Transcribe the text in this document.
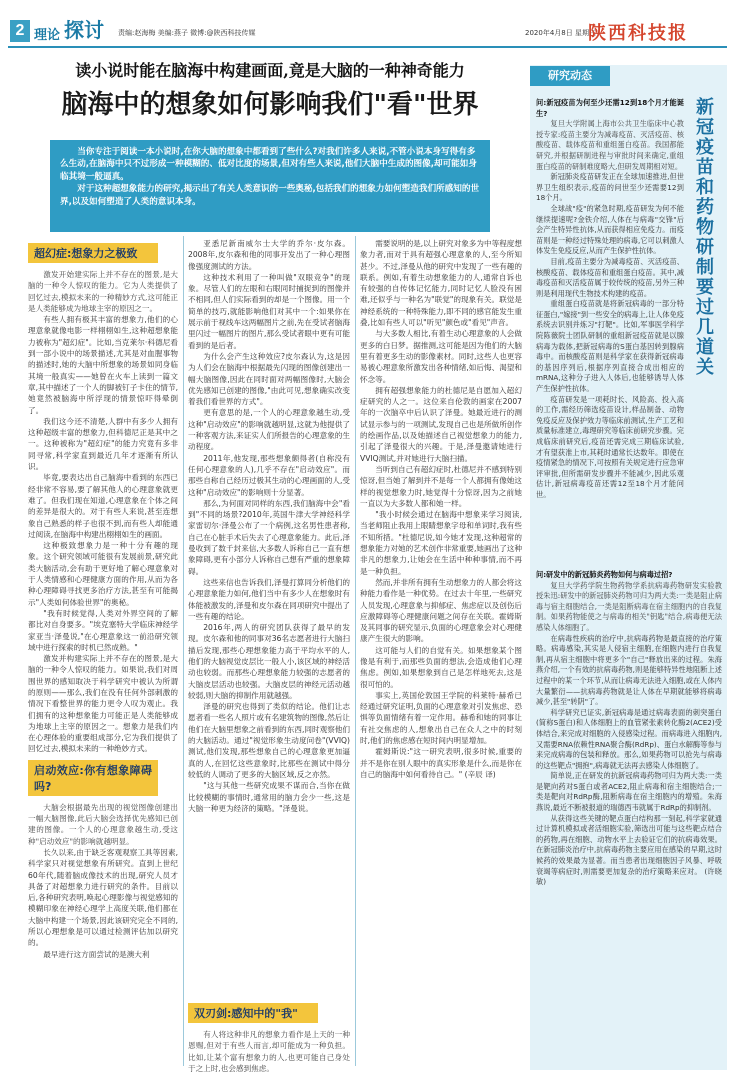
2 理论 探讨 责编:赵海梅 美编:燕子 微博:@陕西科技传媒	2020年4月8日 星期三
陕西科技报
读小说时能在脑海中构建画面,竟是大脑的一种神奇能力
脑海中的想象如何影响我们"看"世界

当你专注于阅读一本小说时,在你大脑的想象中都看到了些什么?对我们许多人来说,不管小说本身写得有多么生动,在脑海中只不过形成一种模糊的、低对比度的场景,但对有些人来说,他们大脑中生成的图像,却可能如身临其境一般逼真。

对于这种超想象能力的研究,揭示出了有关人类意识的一些奥秘,包括我们的想象力如何塑造我们所感知的世界,以及如何塑造了人类的意识本身。

超幻症:想象力之极致

激发开始建实际上并不存在的图景,是大脑的一种令人惊叹的能力。它为人类提供了回忆过去,模拟未来的一种精妙方式,这可能正是人类能够成为地球主宰的原因之一。

有些人拥有极其丰富的想象力,他们的心理意象就像电影一样栩栩如生,这种超想象能力被称为"超幻症"。比如,当克莱尔·科德尼看到一部小说中的场景描述,尤其是对血腥事物的描述时,她的大脑中所想象的场景如同身临其境一般真实——她曾在火车上读到一篇文章,其中描述了一个人的脚被钉子卡住的情节,她竟然被脑海中所浮现的情景惊吓得晕倒了。

我们这今还不清楚,人群中有多少人拥有这种超级丰富的想象力,但科德尼正是其中之一。这种被称为"超幻症"的能力究竟有多非同寻常,科学家直到最近几年才逐渐有所认识。

毕竟,要表达出自己脑海中看到的东西已经非常不容易,要了解其他人的心理意象就更难了。但我们现在知道,心理意象在个体之间的差异是很大的。对于有些人来说,甚至连想象自己熟悉的样子也很不到,而有些人却能通过阅读,在脑海中构建出栩栩如生的画面。

这种极致想象力是一种十分有趣的现象。这个研究领域可能很有发展前景,研究此类大脑活动,会有助于更好地了解心理意象对于人类情感和心理健康方面的作用,从而为各种心理障碍寻找更多治疗方法,甚至有可能揭示"人类如何体验世界"的奥秘。

"我有时候觉得,人类对外界空间的了解都比对自身要多。"埃克塞特大学临床神经学家亚当·泽曼说,"在心理意象这一前沿研究领域中进行探索的时机已然成熟。"

激发并构建实际上并不存在的图景,是大脑的一种令人惊叹的能力。如果说,我们对周围世界的感知取决于科学研究中被认为所谓的原则——那么,我们在没有任何外部刺激的情况下看整世界的能力更令人叹为观止。我们拥有的这种想象能力可能正是人类能够成为地球上主宰的原因之一。想象力是我们内在心理体验的重要组成部分,它为我们提供了回忆过去,模拟未来的一种绝妙方式。

启动效应:你有想象障碍吗?

大脑会根据最先出现的视觉图像创建出一幅大脑图像,此后大脑会选择优先感知已创建的图像。一个人的心理意象越生动,受这种"启动效应"的影响就越明显。

长久以来,由于缺乏客观观察工具等因素,科学家只对视觉想象有所研究。直到上世纪60年代,随着脑成像技术的出现,研究人员才具备了对超想象力进行研究的条件。目前以后,各种研究表明,唤起心理影像与视觉感知的模糊印象在神经心理学上高度关联,他们都在大脑中构建一个场景,因此该研究完全不同的,所以心理想象是可以通过检测评估加以研究的。

最早进行这方面尝试的是澳大利

亚悉尼新南威尔士大学的乔尔·皮尔森。2008年,皮尔森和他的同事开发出了一种心理图像强度测试的方法。

这种技术利用了一种叫做"双眼竞争"的现象。尽管人们的左眼和右眼同时捕捉到的图像并不相同,但人们实际看到的却是一个图像。用一个简单的技巧,就能影响他们对其中一个:如果你在展示前于视线车这两幅图片之前,先在受试者脑海里闪过一幅图片的图片,那么受试者眼中更有可能看到的是后者。

为什么会产生这种效应?皮尔森认为,这是因为人们会在脑海中根据最先闪现的图像创建出一幅大脑图像,因此在同时面对两幅图像时,大脑会优先感知已创建的图像,"由此可见,想象确实改变着我们看世界的方式"。

更有意思的是,一个人的心理意象越生动,受这种"启动效应"的影响就越明显,这就为他提供了一种客观方法,来证实人们所报告的心理意象的生动程度。

2011年,他发现,那些想象颇得者(自称没有任何心理意象的人),几乎不存在"启动效应"。而那些自称自己经历过极其生动的心理画面的人,受这种"启动效应"的影响则十分显著。

那么,为何面对同样的东西,我们脑海中会"看到"不同的场景?2010年,英国牛津大学神经科学家雷切尔·泽曼公布了一个病例,这名男性患者称,自己在心脏手术后失去了心理意象能力。此后,泽曼收到了数千封来信,大多数人诉称自己一直有想象障碍,更有小部分人诉称自己想有严重的想象障碍。

这些来信也告诉我们,泽曼打算同分析他们的心理意象能力如何,他们当中有多少人在想象时有体能被激发的,泽曼和皮尔森在同项研究中提出了一些有趣的结论。

2016年,两人的研究团队获得了最早的发现。皮尔森和他的同事对36名志愿者进行大脑扫描后发现,那些心理想象能力高于平均水平的人,他们的大脑视觉皮层比一般人小,该区域的神经活动也较弱。而那些心理想象能力较强的志愿者的大脑皮层活动也较强。大脑皮层的神经元活动越较弱,则大脑的抑制作用就越强。

泽曼的研究也得到了类似的结论。他们让志愿者看一些名人照片或有名建筑物的图像,然后让他们在大脑里想象之前看到的东西,同时观察他们的大脑活动。通过"视觉形象生动度问卷"(VVIQ)测试,他们发现,那些想象自己的心理意象更加逼真的人,在回忆这些意象时,比那些在测试中得分较低的人调动了更多的大脑区域,反之亦然。

"这与其他一些研究成果不谋而合,当你在做比较模糊的事情时,通常用的脑力会少一些,这是大脑一种更为经济的策略。"泽曼说。

双刃剑:感知中的"我"

有人将这种非凡的想象力看作是上天的一种恩赐,但对于有些人而言,却可能成为一种负担。比如,让某个富有想象力的人,也更可能自己身处于之上时,也会感到焦虑。

需要说明的是,以上研究对象多为中等程度想象力者,而对于具有超强心理意象的人,至今所知甚少。不过,泽曼从他的研究中发现了一些有趣的联系。例如,有着生动想象能力的人,通常自诉也有较强的自传体记忆能力,同时记忆人脸没有困难,还似乎与一种名为"联觉"的现象有关。联觉是神经系统的一种特殊能力,即不同的感官能发生重叠,比如有些人可以"听见"颜色或"看见"声音。

与大多数人相比,有着生动心理意象的人会做更多的白日梦。据推测,这可能是因为他们的大脑里有着更多生动的影像素材。同时,这些人也更容易被心理意象所激发出各种情绪,如后悔、渴望和怀念等。

拥有超强想象能力的杜德尼是自愿加入超幻症研究的人之一。这位来自伦敦的画家在2007年的一次脑卒中后认识了泽曼。她最近进行的测试显示参与的一项测试,发现自己也是所做所创作的绘画作品,以及她描述自己视觉想象力的能力,引起了泽曼很大的兴趣。于是,泽曼邀请她进行VVIQ测试,并对她进行大脑扫描。

当听到自己有超幻症时,杜德尼并不感到特别惊讶,但当她了解到并不是每一个人都拥有像她这样的视觉想象力时,她觉得十分惊讶,因为之前她一直以为大多数人都和她一样。

"我小时候会通过在脑海中想象来学习阅读,当老师阻止我用上眼睛想象字母和单词时,我有些不知所措。"杜德尼说,如今她才发现,这种超常的想象能力对她的艺术创作非常重要,她画出了这种非凡的想象力,让她会在生活中种种事情,而不再是一种负担。

然而,并非所有拥有生动想象力的人都会将这种能力看作是一种优势。在过去十年里,一些研究人员发现,心理意象与抑郁症、焦虑症以及创伤后应激障碍等心理健康问题之间存在关联。霍姆斯及其同事的研究显示,负面的心理意象会对心理健康产生很大的影响。

这可能与人们的自觉有关。如果想象某个图像是有利于,而那些负面的想法,会造成他们心理焦虑。例如,如果想象到自己是怎样地死去,这是很可怕的。

事实上,英国伦敦国王学院的科莱特·赫希已经通过研究证明,负面的心理意象对引发焦虑、恐惧等负面情绪有着一定作用。赫希和她的同事让有社交焦虑的人,想象出自己在众人之中的时刻时,他们的焦虑感在短时间内明显增加。

霍姆斯说:"这一研究表明,很多时候,重要的并不是你在别人眼中的真实形象是什么,而是你在自己的脑海中如何看待自己。" (辛辰 译)

研究动态
新冠疫苗和药物研制要过几道关

问:新冠疫苗为何至少还需12到18个月才能诞生?

复旦大学附属上海市公共卫生临床中心教授专家:疫苗主要分为减毒疫苗、灭活疫苗、核酸疫苗、载体疫苗和重组蛋白疫苗。我国都能研究,并根据研制进程与审批时间来确定,重组蛋白疫苗的研制难度略大,但研发周期相对短。

新冠肺炎疫苗研发正在全球加速推进,但世界卫生组织表示,疫苗的问世至少还需要12到18个月。

全球战"疫"的紧急时期,疫苗研发为何不能继续提速呢?金铁介绍,人体在与病毒"交锋"后会产生特异性抗体,从而获得相应免疫力。而疫苗则是一种经过特殊处理的病毒,它可以刺激人体发生免疫反应,从而产生保护性抗体。

目前,疫苗主要分为减毒疫苗、灭活疫苗、核酸疫苗、载体疫苗和重组蛋白疫苗。其中,减毒疫苗和灭活疫苗属于较传统的疫苗,另外三种则是利用现代生物技术构建的疫苗。

重组蛋白疫苗就是将新冠病毒的一部分特征蛋白,"嫁接"到一些安全的病毒上,让人体免疫系统去识别并炼习"打靶"。比如,军事医学科学院陈薇院士团队研制的重组新冠疫苗就是以腺病毒为载体,把新冠病毒的S蛋白基因转到腺病毒中。而核酸疫苗则是科学家在获得新冠病毒的基因序列后,根据序列直接合成出相应的mRNA,这种分子进入人体后,也能够诱导人体产生保护性抗体。

疫苗研发是一项耗时长、风险高、投入高的工作,需经历筛选疫苗设计,样品制备、动物免疫反应及保护效力等临床前测试,生产工艺和质量标准建立,毒理研究等临床前研究步骤。完成临床前研究后,疫苗还需完成三期临床试验,才有望获准上市,其耗时通常长达数年。即使在疫情紧急的情况下,可按照有关规定进行应急审评审批,但所需研发步骤并不能减少,因此乐观估计,新冠病毒疫苗还需12至18个月才能问世。

问:研发中的新冠肺炎药物如何与病毒过招?

复旦大学药学院生物药物学系抗病毒药物研发实验教授朱迅:研发中的新冠肺炎药物可归为两大类:一类是阻止病毒与宿主细胞结合,一类是阻断病毒在宿主细胞内的自我复制。如果药物能使之与病毒的相关"钥匙"结合,病毒便无法感染人体细胞了。

在病毒性疾病的治疗中,抗病毒药物是最直接的治疗策略。病毒感染,其实是人侵宿主细胞,在细胞内进行自我复制,再从宿主细胞中将更多个"自己"释放出来的过程。朱海燕介绍,一个有效的抗病毒药物,则是能够特异性地阻断上述过程中的某一个环节,从而让病毒无法进入细胞,或在人体内大量繁衍——抗病毒药物就是让人体在早期就能够将病毒减少,甚至"转阴"了。

科学研究已证实,新冠病毒是通过病毒表面的刺突蛋白(简称S蛋白)和人体细胞上的血管紧张素转化酶2(ACE2)受体结合,来完成对细胞的入侵感染过程。而病毒进入细胞内,又需要RNA依赖性RNA聚合酶(RdRp)、蛋白水解酶等参与来完成病毒的包装和释放。那么,如果药物可以抢先与病毒的这些靶点"拥抱",病毒就无法再去感染人体细胞了。

简单说,正在研发的抗新冠病毒药物可归为两大类:一类是靶向药对S蛋白或者ACE2,阻止病毒和宿主细胞结合;一类是靶向对RdRp酶,阻断病毒在宿主细胞内的增殖。朱海燕说,最近不断被报道的瑞德西韦就属于RdRp的抑制剂。

从获得这些关键的靶点蛋白结构那一刻起,科学家就通过计算机模拟或者活细胞实验,筛选出可能与这些靶点结合的药物,再在细胞、动物水平上去验证它们的抗病毒效果。在新冠肺炎治疗中,抗病毒药物主要应用在感染的早期,这时候药的效果最为显著。而当患者出现细胞因子风暴、呼吸衰竭等病症时,则需要更加复杂的治疗策略来应对。 (许晓敏)
